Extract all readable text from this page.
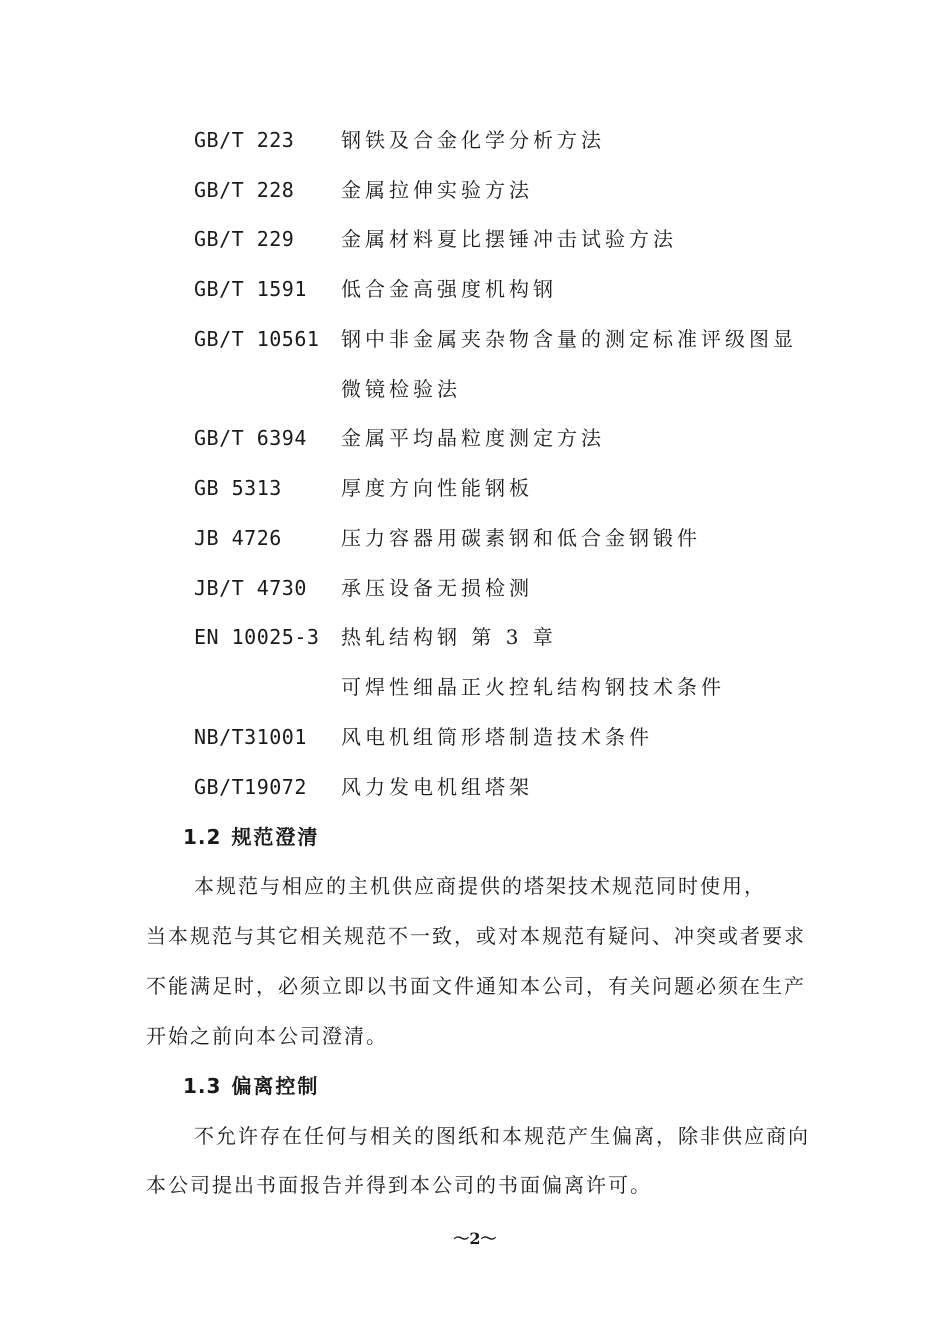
GB/T 223 钢铁及合金化学分析方法
GB/T 228 金属拉伸实验方法
GB/T 229 金属材料夏比摆锤冲击试验方法
GB/T 1591 低合金高强度机构钢
GB/T 10561 钢中非金属夹杂物含量的测定标准评级图显
微镜检验法
GB/T 6394 金属平均晶粒度测定方法
GB 5313	厚度方向性能钢板
JB 4726	压力容器用碳素钢和低合金钢锻件
JB/T 4730 承压设备无损检测
EN 10025-3 热轧结构钢 第 3 章
可焊性细晶正火控轧结构钢技术条件
NB/T31001 风电机组筒形塔制造技术条件
GB/T19072 风力发电机组塔架
1.2 规范澄清
本规范与相应的主机供应商提供的塔架技术规范同时使用，
当本规范与其它相关规范不一致，或对本规范有疑问、冲突或者要求
不能满足时，必须立即以书面文件通知本公司，有关问题必须在生产
开始之前向本公司澄清。
1.3 偏离控制
不允许存在任何与相关的图纸和本规范产生偏离，除非供应商向
本公司提出书面报告并得到本公司的书面偏离许可。
～2～
